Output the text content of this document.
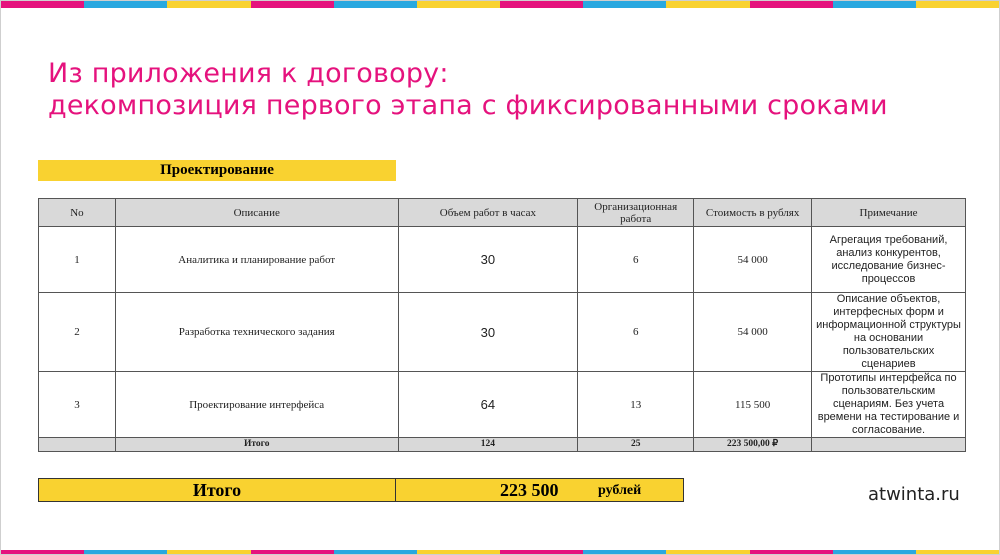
Из приложения к договору:
декомпозиция первого этапа с фиксированными сроками
Проектирование
No	Описание	Объем работ в часах	Организационная работа	Стоимость в рублях	Примечание
1	Аналитика и планирование работ	30	6	54 000	Агрегация требований, анализ конкурентов, исследование бизнес-процессов
2	Разработка технического задания	30	6	54 000	Описание объектов, интерфесных форм и информационной структуры на основании пользовательских сценариев
3	Проектирование интерфейса	64	13	115 500	Прототипы интерфейса по пользовательским сценариям. Без учета времени на тестирование и согласование.
	Итого	124	25	223 500,00 ₽	
Итого	223 500	рублей	atwinta.ru
